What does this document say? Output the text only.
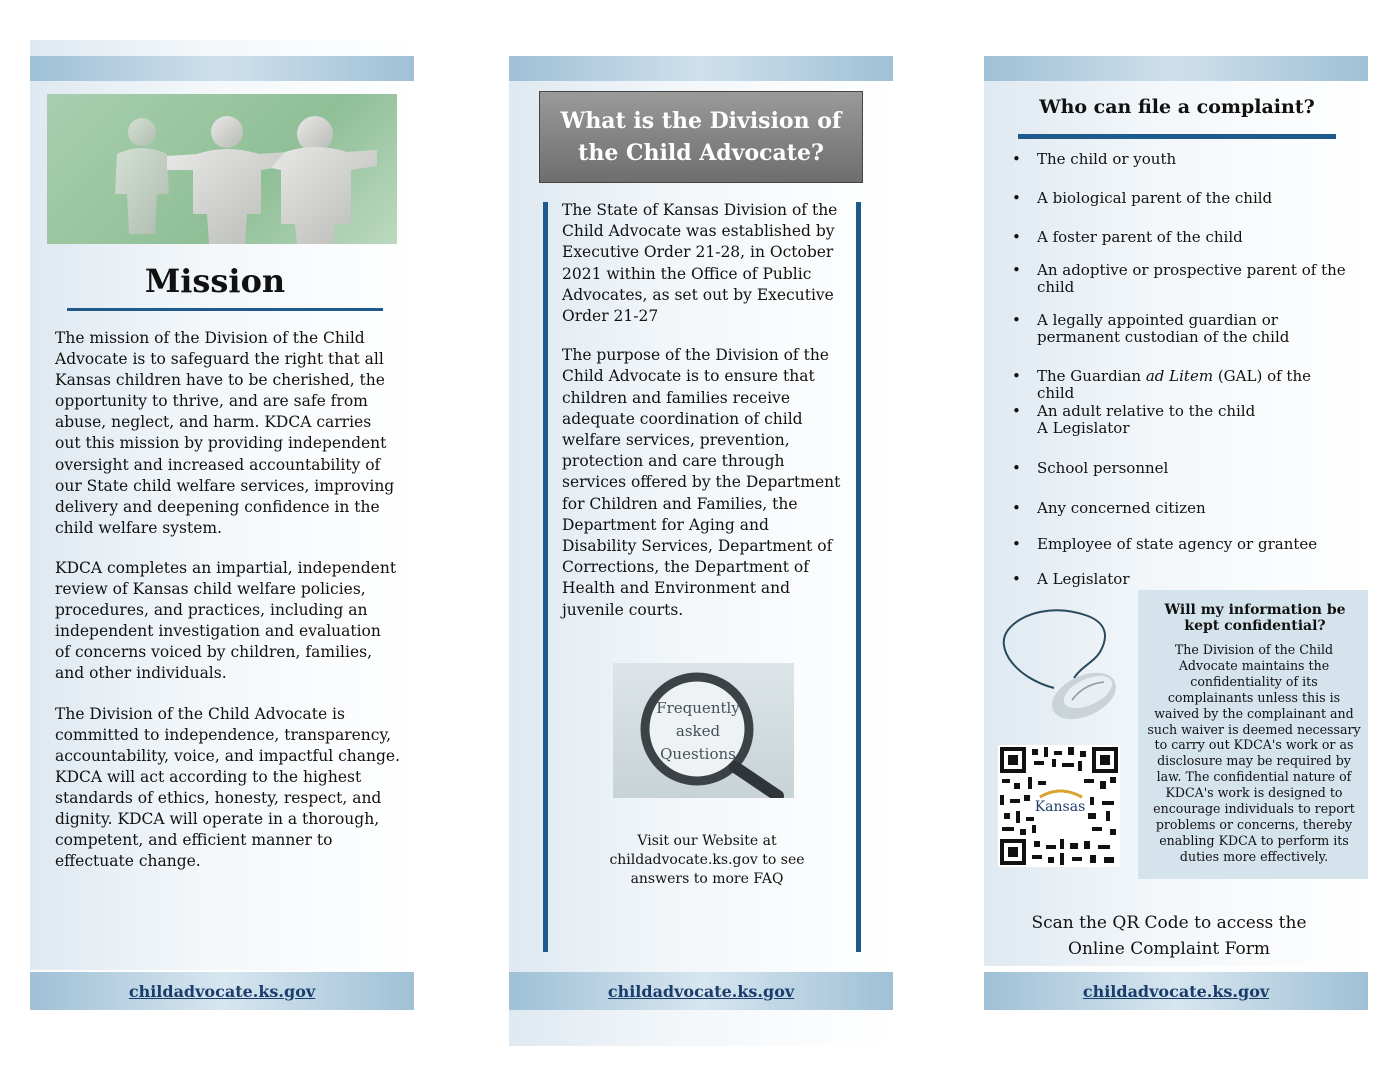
Mission

The mission of the Division of the Child Advocate is to safeguard the right that all Kansas children have to be cherished, the opportunity to thrive, and are safe from abuse, neglect, and harm. KDCA carries out this mission by providing independent oversight and increased accountability of our State child welfare services, improving delivery and deepening confidence in the child welfare system.

KDCA completes an impartial, independent review of Kansas child welfare policies, procedures, and practices, including an independent investigation and evaluation of concerns voiced by children, families, and other individuals.

The Division of the Child Advocate is committed to independence, transparency, accountability, voice, and impactful change. KDCA will act according to the highest standards of ethics, honesty, respect, and dignity. KDCA will operate in a thorough, competent, and efficient manner to effectuate change.

childadvocate.ks.gov
What is the Division of
the Child Advocate?

The State of Kansas Division of the Child Advocate was established by Executive Order 21-28, in October 2021 within the Office of Public Advocates, as set out by Executive Order 21-27

The purpose of the Division of the Child Advocate is to ensure that children and families receive adequate coordination of child welfare services, prevention, protection and care through services offered by the Department for Children and Families, the Department for Aging and Disability Services, Department of Corrections, the Department of Health and Environment and juvenile courts.

Frequently
asked
Questions
Visit our Website at
childadvocate.ks.gov to see
answers to more FAQ
childadvocate.ks.gov
Who can file a complaint?
• The child or youth
• A biological parent of the child
• A foster parent of the child
• An adoptive or prospective parent of the child
• A legally appointed guardian or permanent custodian of the child
• The Guardian ad Litem (GAL) of the child
• An adult relative to the child
A Legislator
• School personnel
• Any concerned citizen
• Employee of state agency or grantee
• A Legislator
Kansas
Will my information be kept confidential?
The Division of the Child Advocate maintains the confidentiality of its complainants unless this is waived by the complainant and such waiver is deemed necessary to carry out KDCA's work or as disclosure may be required by law. The confidential nature of KDCA's work is designed to encourage individuals to report problems or concerns, thereby enabling KDCA to perform its duties more effectively.
Scan the QR Code to access the
Online Complaint Form
childadvocate.ks.gov
